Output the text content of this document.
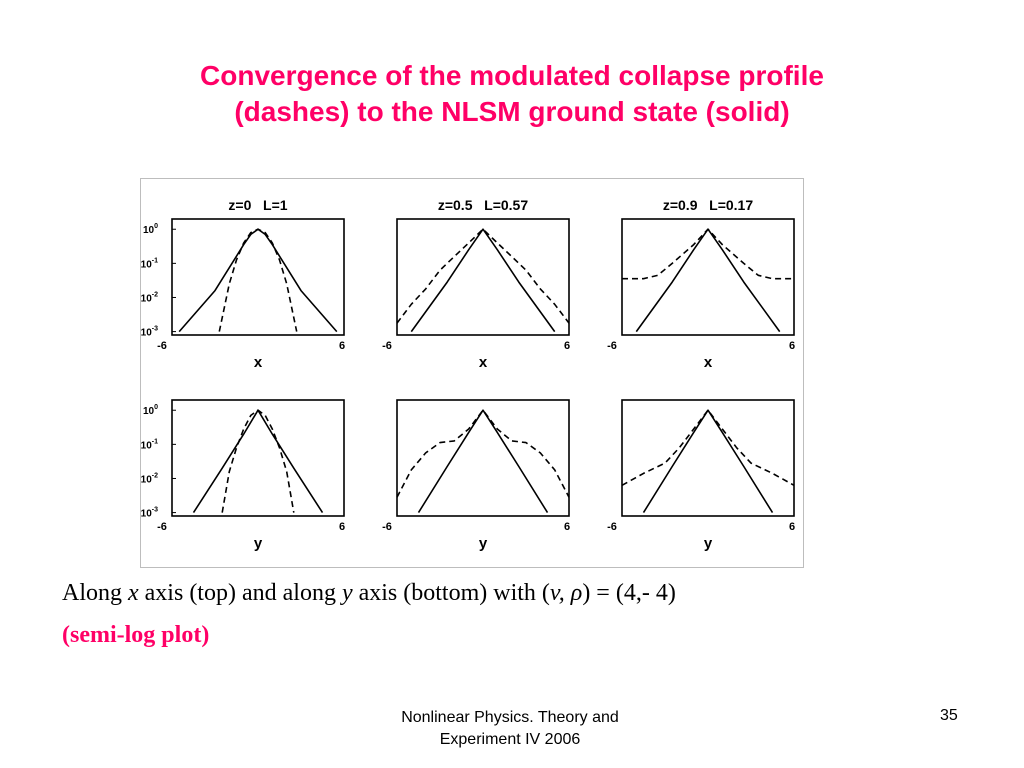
Convergence of the modulated collapse profile
(dashes) to the NLSM ground state (solid)
z=0   L=1
$10^0$
$10^{-1}$
$10^{-2}$
$10^{-3}$
-6	6
x
z=0.5   L=0.57
-6	6
x
z=0.9   L=0.17
-6	6
x
$10^0$
$10^{-1}$
$10^{-2}$
$10^{-3}$
-6	6
y
-6	6
y
-6	6
y
Along x axis (top) and along y axis (bottom) with (v, ρ) = (4,- 4)
(semi-log plot)
Nonlinear Physics. Theory and
Experiment IV 2006
35
